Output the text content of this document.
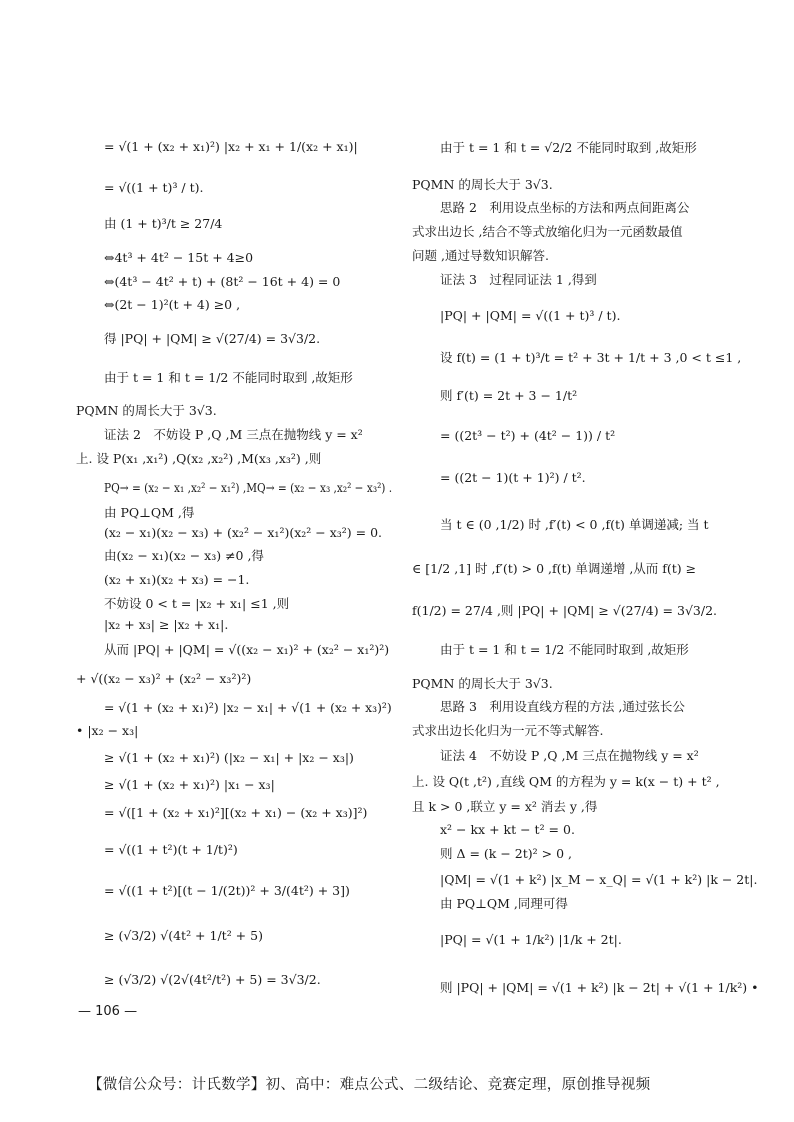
= √(1 + (x₂ + x₁)²) |x₂ + x₁ + 1/(x₂ + x₁)|
= √((1 + t)³ / t).
由 (1 + t)³/t ≥ 27/4
⇔4t³ + 4t² − 15t + 4≥0
⇔(4t³ − 4t² + t) + (8t² − 16t + 4) = 0
⇔(2t − 1)²(t + 4) ≥0 ,
得 |PQ| + |QM| ≥ √(27/4) = 3√3/2.
由于 t = 1 和 t = 1/2 不能同时取到 ,故矩形
PQMN 的周长大于 3√3.
证法 2　不妨设 P ,Q ,M 三点在抛物线 y = x²
上. 设 P(x₁ ,x₁²) ,Q(x₂ ,x₂²) ,M(x₃ ,x₃²) ,则
PQ→ = (x₂ − x₁ ,x₂² − x₁²) ,MQ→ = (x₂ − x₃ ,x₂² − x₃²) .
由 PQ⊥QM ,得
(x₂ − x₁)(x₂ − x₃) + (x₂² − x₁²)(x₂² − x₃²) = 0.
由(x₂ − x₁)(x₂ − x₃) ≠0 ,得
(x₂ + x₁)(x₂ + x₃) = −1.
不妨设 0 < t = |x₂ + x₁| ≤1 ,则
|x₂ + x₃| ≥ |x₂ + x₁|.
从而 |PQ| + |QM| = √((x₂ − x₁)² + (x₂² − x₁²)²)
+ √((x₂ − x₃)² + (x₂² − x₃²)²)
= √(1 + (x₂ + x₁)²) |x₂ − x₁| + √(1 + (x₂ + x₃)²)
• |x₂ − x₃|
≥ √(1 + (x₂ + x₁)²) (|x₂ − x₁| + |x₂ − x₃|)
≥ √(1 + (x₂ + x₁)²) |x₁ − x₃|
= √([1 + (x₂ + x₁)²][(x₂ + x₁) − (x₂ + x₃)]²)
= √((1 + t²)(t + 1/t)²)
= √((1 + t²)[(t − 1/(2t))² + 3/(4t²) + 3])
≥ (√3/2) √(4t² + 1/t² + 5)
≥ (√3/2) √(2√(4t²/t²) + 5) = 3√3/2.
由于 t = 1 和 t = √2/2 不能同时取到 ,故矩形
PQMN 的周长大于 3√3.
思路 2　利用设点坐标的方法和两点间距离公
式求出边长 ,结合不等式放缩化归为一元函数最值
问题 ,通过导数知识解答.
证法 3　过程同证法 1 ,得到
|PQ| + |QM| = √((1 + t)³ / t).
设 f(t) = (1 + t)³/t = t² + 3t + 1/t + 3 ,0 < t ≤1 ,
则 f′(t) = 2t + 3 − 1/t²
= ((2t³ − t²) + (4t² − 1)) / t²
= ((2t − 1)(t + 1)²) / t².
当 t ∈ (0 ,1/2) 时 ,f′(t) < 0 ,f(t) 单调递减; 当 t
∈ [1/2 ,1] 时 ,f′(t) > 0 ,f(t) 单调递增 ,从而 f(t) ≥
f(1/2) = 27/4 ,则 |PQ| + |QM| ≥ √(27/4) = 3√3/2.
由于 t = 1 和 t = 1/2 不能同时取到 ,故矩形
PQMN 的周长大于 3√3.
思路 3　利用设直线方程的方法 ,通过弦长公
式求出边长化归为一元不等式解答.
证法 4　不妨设 P ,Q ,M 三点在抛物线 y = x²
上. 设 Q(t ,t²) ,直线 QM 的方程为 y = k(x − t) + t² ,
且 k > 0 ,联立 y = x² 消去 y ,得
x² − kx + kt − t² = 0.
则 Δ = (k − 2t)² > 0 ,
|QM| = √(1 + k²) |x_M − x_Q| = √(1 + k²) |k − 2t|.
由 PQ⊥QM ,同理可得
|PQ| = √(1 + 1/k²) |1/k + 2t|.
则 |PQ| + |QM| = √(1 + k²) |k − 2t| + √(1 + 1/k²) •
— 106 —
【微信公众号：计氏数学】初、高中：难点公式、二级结论、竞赛定理，原创推导视频
